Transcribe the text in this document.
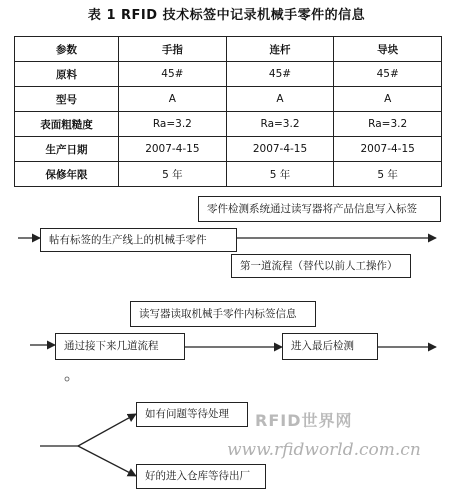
表 1 RFID 技术标签中记录机械手零件的信息
参数	手指	连杆	导块
原料	45#	45#	45#
型号	A	A	A
表面粗糙度	Ra=3.2	Ra=3.2	Ra=3.2
生产日期	2007-4-15	2007-4-15	2007-4-15
保修年限	5 年	5 年	5 年
零件检测系统通过读写器将产品信息写入标签
帖有标签的生产线上的机械手零件
第一道流程（替代以前人工操作）
读写器读取机械手零件内标签信息
通过接下来几道流程	进入最后检测
如有问题等待处理
好的进入仓库等待出厂
RFID世界网
www.rfidworld.com.cn
